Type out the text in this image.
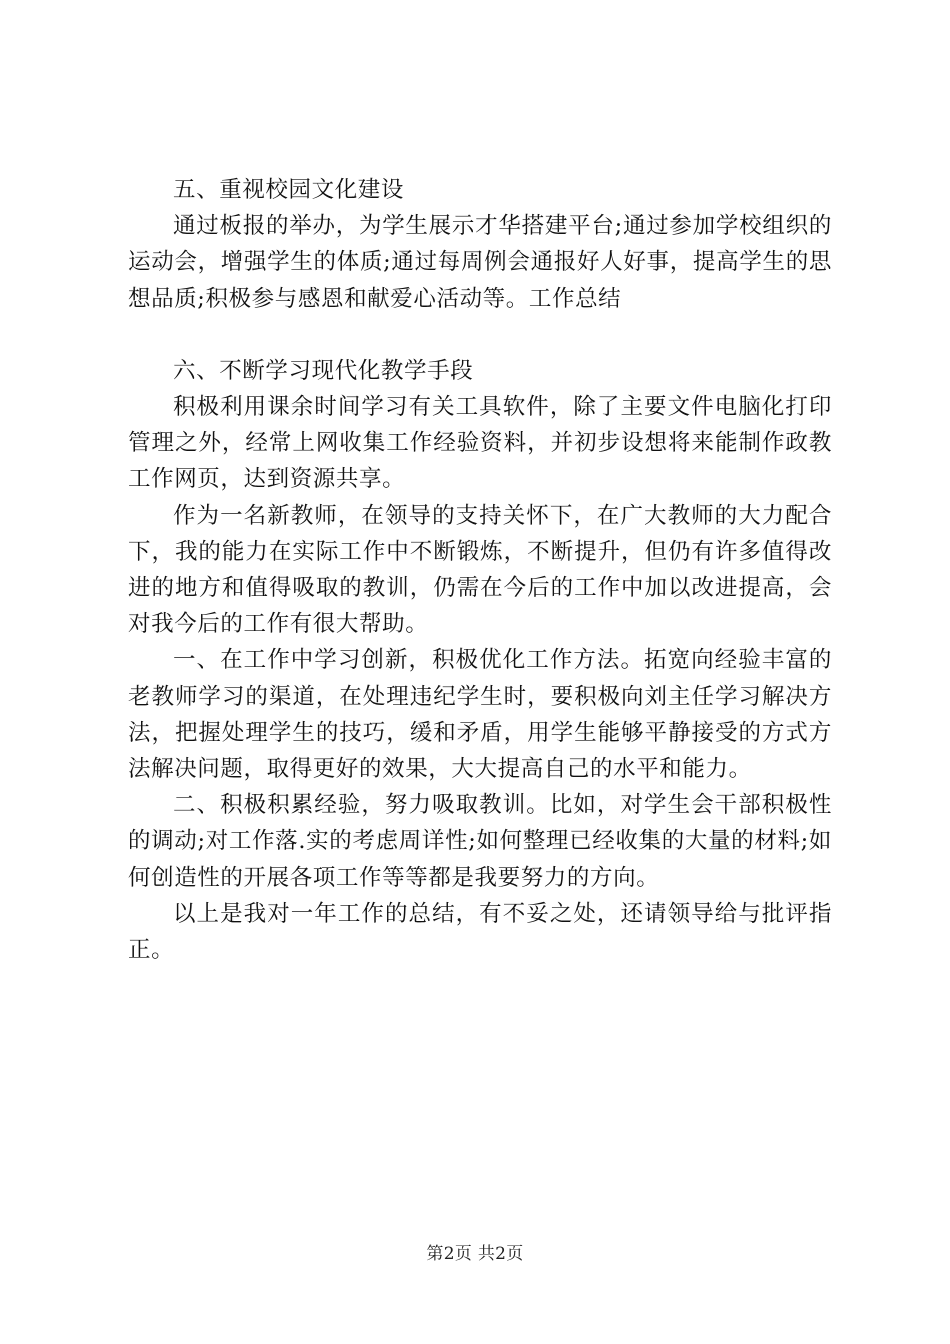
五、重视校园文化建设

通过板报的举办，为学生展示才华搭建平台;通过参加学校组织的运动会，增强学生的体质;通过每周例会通报好人好事，提高学生的思想品质;积极参与感恩和献爱心活动等。工作总结

六、不断学习现代化教学手段

积极利用课余时间学习有关工具软件，除了主要文件电脑化打印管理之外，经常上网收集工作经验资料，并初步设想将来能制作政教工作网页，达到资源共享。

作为一名新教师，在领导的支持关怀下，在广大教师的大力配合下，我的能力在实际工作中不断锻炼，不断提升，但仍有许多值得改进的地方和值得吸取的教训，仍需在今后的工作中加以改进提高，会对我今后的工作有很大帮助。

一、在工作中学习创新，积极优化工作方法。拓宽向经验丰富的老教师学习的渠道，在处理违纪学生时，要积极向刘主任学习解决方法，把握处理学生的技巧，缓和矛盾，用学生能够平静接受的方式方法解决问题，取得更好的效果，大大提高自己的水平和能力。

二、积极积累经验，努力吸取教训。比如，对学生会干部积极性的调动;对工作落.实的考虑周详性;如何整理已经收集的大量的材料;如何创造性的开展各项工作等等都是我要努力的方向。

以上是我对一年工作的总结，有不妥之处，还请领导给与批评指正。

第2页 共2页
